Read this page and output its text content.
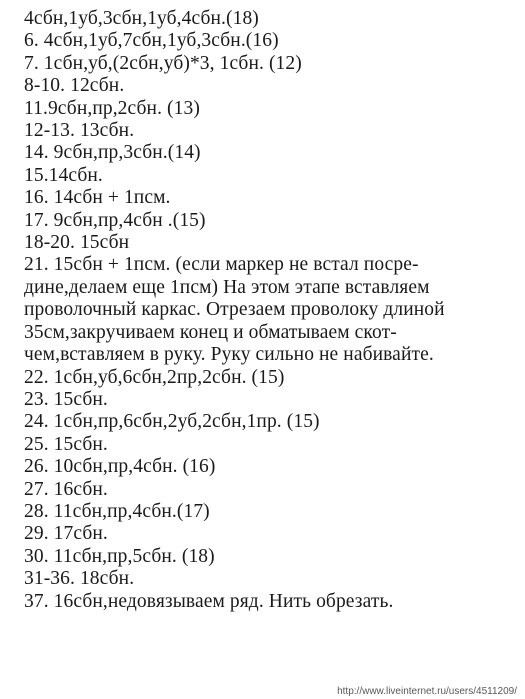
4сбн,1уб,3сбн,1уб,4сбн.(18)
6. 4сбн,1уб,7сбн,1уб,3сбн.(16)
7. 1сбн,уб,(2сбн,уб)*3, 1сбн. (12)
8-10. 12сбн.
11.9сбн,пр,2сбн. (13)
12-13. 13сбн.
14. 9сбн,пр,3сбн.(14)
15.14сбн.
16. 14сбн + 1псм.
17. 9сбн,пр,4сбн .(15)
18-20. 15сбн
21. 15сбн + 1псм. (если маркер не встал посре-
дине,делаем еще 1псм) На этом этапе вставляем
проволочный каркас. Отрезаем проволоку длиной
35см,закручиваем конец и обматываем скот-
чем,вставляем в руку. Руку сильно не набивайте.
22. 1сбн,уб,6сбн,2пр,2сбн. (15)
23. 15сбн.
24. 1сбн,пр,6сбн,2уб,2сбн,1пр. (15)
25. 15сбн.
26. 10сбн,пр,4сбн. (16)
27. 16сбн.
28. 11сбн,пр,4сбн.(17)
29. 17сбн.
30. 11сбн,пр,5сбн. (18)
31-36. 18сбн.
37. 16сбн,недовязываем ряд. Нить обрезать.
http://www.liveinternet.ru/users/4511209/
